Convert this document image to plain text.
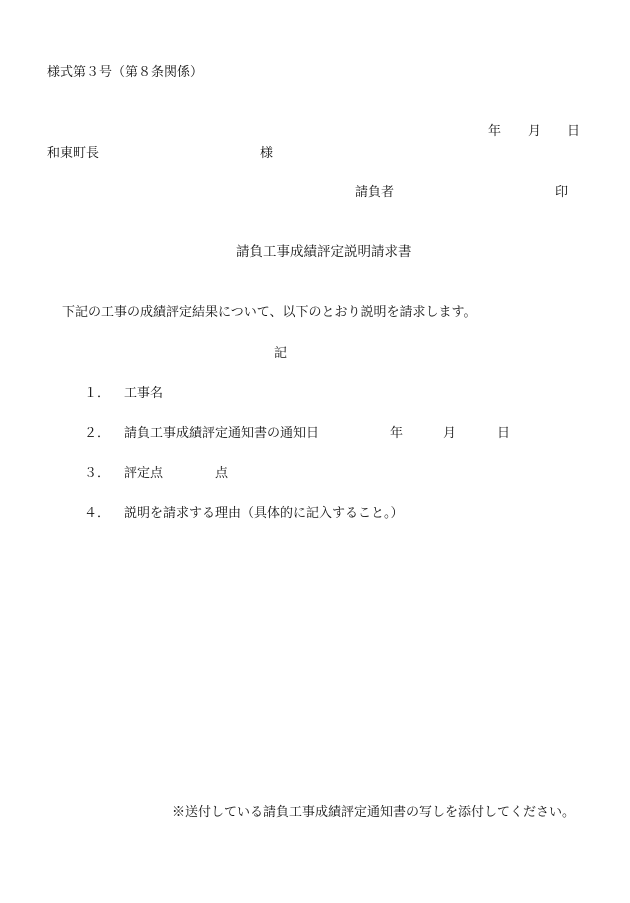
様式第３号（第８条関係）
年 月 日
和東町長	様
請負者	印
請負工事成績評定説明請求書
下記の工事の成績評定結果について、以下のとおり説明を請求します。
記
１． 工事名
２． 請負工事成績評定通知書の通知日	年	月	日
３． 評定点	点
４． 説明を請求する理由（具体的に記入すること。）
※送付している請負工事成績評定通知書の写しを添付してください。
